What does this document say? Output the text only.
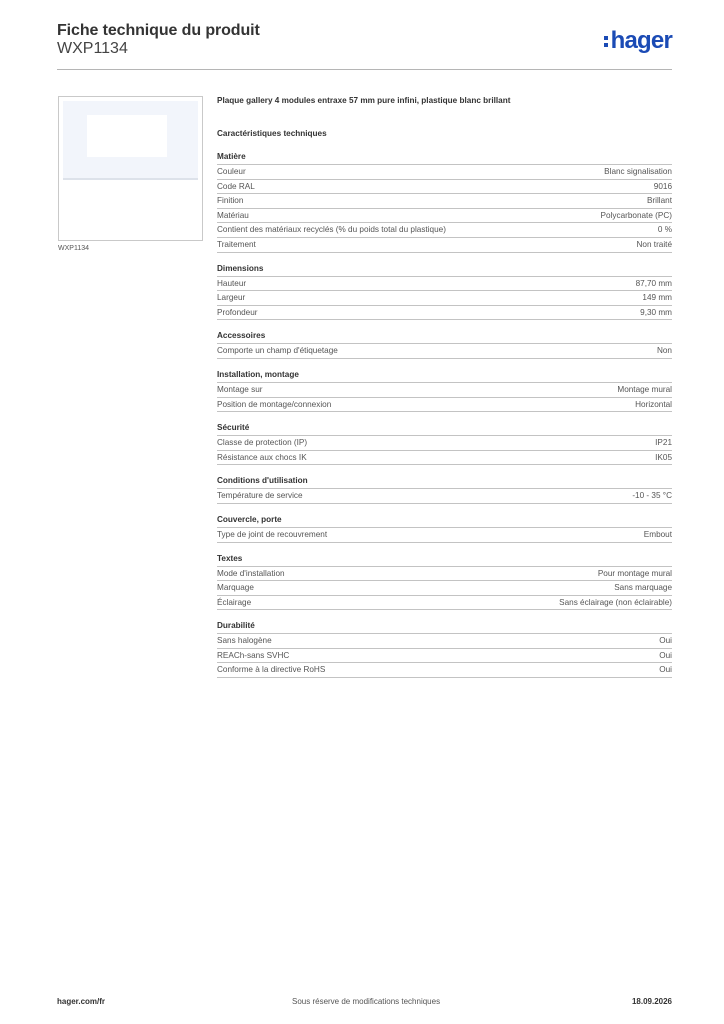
Fiche technique du produit
WXP1134	hager
WXP1134
Plaque gallery 4 modules entraxe 57 mm pure infini, plastique blanc brillant
Caractéristiques techniques
Matière
Couleur	Blanc signalisation
Code RAL	9016
Finition	Brillant
Matériau	Polycarbonate (PC)
Contient des matériaux recyclés (% du poids total du plastique)	0 %
Traitement	Non traité
Dimensions
Hauteur	87,70 mm
Largeur	149 mm
Profondeur	9,30 mm
Accessoires
Comporte un champ d'étiquetage	Non
Installation, montage
Montage sur	Montage mural
Position de montage/connexion	Horizontal
Sécurité
Classe de protection (IP)	IP21
Résistance aux chocs IK	IK05
Conditions d'utilisation
Température de service	-10 - 35 °C
Couvercle, porte
Type de joint de recouvrement	Embout
Textes
Mode d'installation	Pour montage mural
Marquage	Sans marquage
Éclairage	Sans éclairage (non éclairable)
Durabilité
Sans halogène	Oui
REACh-sans SVHC	Oui
Conforme à la directive RoHS	Oui
hager.com/fr	Sous réserve de modifications techniques	18.09.2026
